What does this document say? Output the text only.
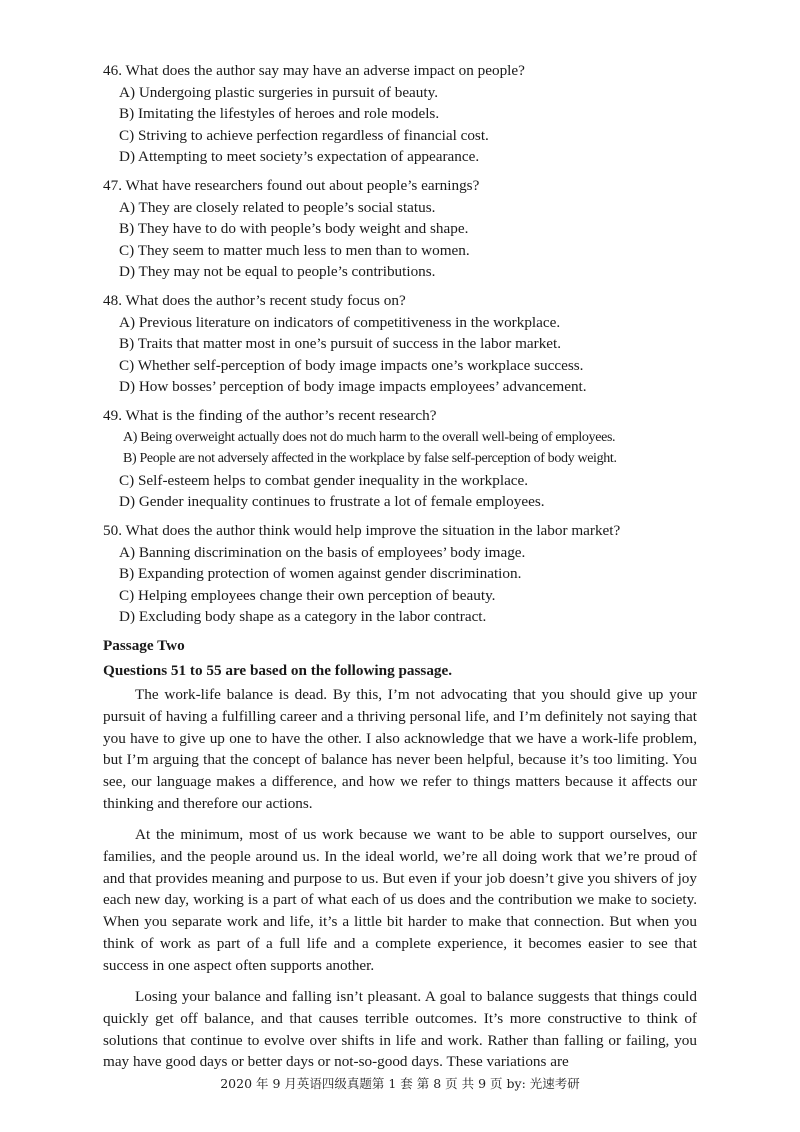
46. What does the author say may have an adverse impact on people?
A) Undergoing plastic surgeries in pursuit of beauty.
B) Imitating the lifestyles of heroes and role models.
C) Striving to achieve perfection regardless of financial cost.
D) Attempting to meet society’s expectation of appearance.
47. What have researchers found out about people’s earnings?
A) They are closely related to people’s social status.
B) They have to do with people’s body weight and shape.
C) They seem to matter much less to men than to women.
D) They may not be equal to people’s contributions.
48. What does the author’s recent study focus on?
A) Previous literature on indicators of competitiveness in the workplace.
B) Traits that matter most in one’s pursuit of success in the labor market.
C) Whether self-perception of body image impacts one’s workplace success.
D) How bosses’ perception of body image impacts employees’ advancement.
49. What is the finding of the author’s recent research?
A) Being overweight actually does not do much harm to the overall well-being of employees.
B) People are not adversely affected in the workplace by false self-perception of body weight.
C) Self-esteem helps to combat gender inequality in the workplace.
D) Gender inequality continues to frustrate a lot of female employees.
50. What does the author think would help improve the situation in the labor market?
A) Banning discrimination on the basis of employees’ body image.
B) Expanding protection of women against gender discrimination.
C) Helping employees change their own perception of beauty.
D) Excluding body shape as a category in the labor contract.
Passage Two
Questions 51 to 55 are based on the following passage.

The work-life balance is dead. By this, I’m not advocating that you should give up your pursuit of having a fulfilling career and a thriving personal life, and I’m definitely not saying that you have to give up one to have the other. I also acknowledge that we have a work-life problem, but I’m arguing that the concept of balance has never been helpful, because it’s too limiting. You see, our language makes a difference, and how we refer to things matters because it affects our thinking and therefore our actions.

At the minimum, most of us work because we want to be able to support ourselves, our families, and the people around us. In the ideal world, we’re all doing work that we’re proud of and that provides meaning and purpose to us. But even if your job doesn’t give you shivers of joy each new day, working is a part of what each of us does and the contribution we make to society. When you separate work and life, it’s a little bit harder to make that connection. But when you think of work as part of a full life and a complete experience, it becomes easier to see that success in one aspect often supports another.

Losing your balance and falling isn’t pleasant. A goal to balance suggests that things could quickly get off balance, and that causes terrible outcomes. It’s more constructive to think of solutions that continue to evolve over shifts in life and work. Rather than falling or failing, you may have good days or better days or not-so-good days. These variations are

2020 年 9 月英语四级真题第 1 套 第 8 页 共 9 页 by: 光速考研
